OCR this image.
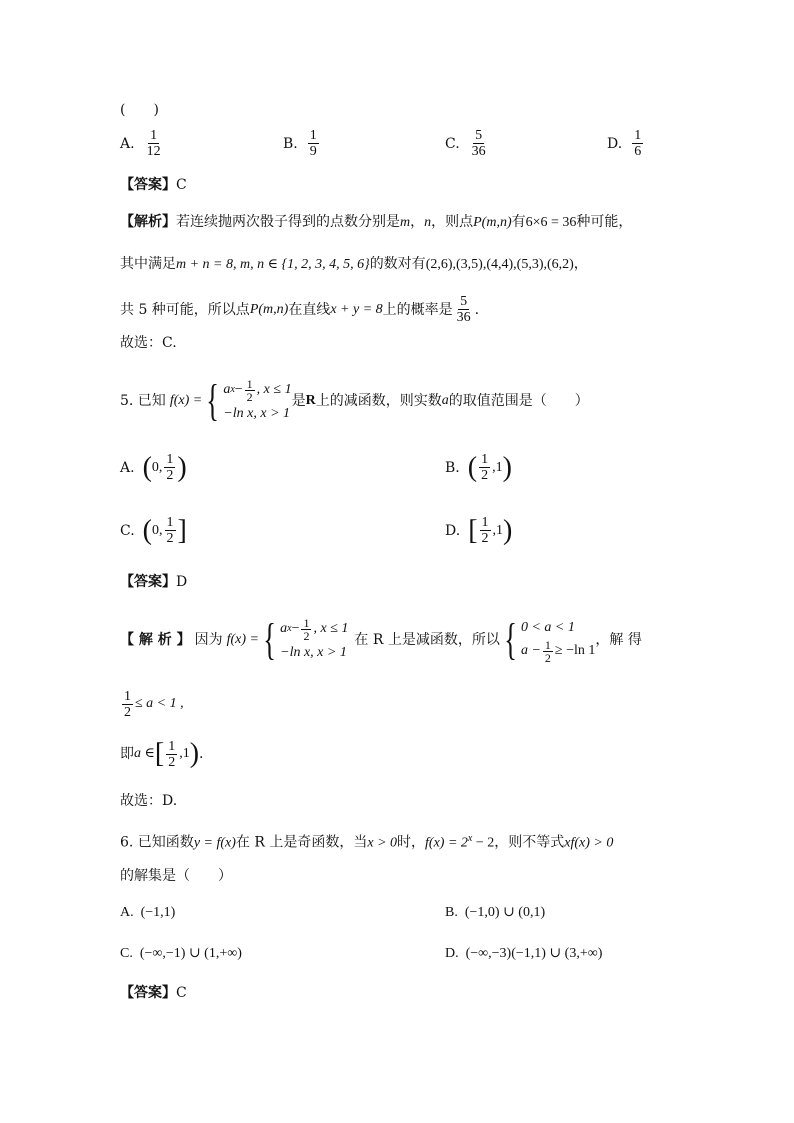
(　　)
A. $\frac{1}{12}$	B. $\frac{1}{9}$	C. $\frac{5}{36}$	D. $\frac{1}{6}$
【答案】C
【解析】若连续抛两次骰子得到的点数分别是m，n，则点P(m,n)有6×6 = 36种可能，
其中满足m + n = 8, m, n ∈ {1, 2, 3, 4, 5, 6}的数对有(2,6),(3,5),(4,4),(5,3),(6,2)，
共 5 种可能，所以点 P(m,n) 在直线 x + y = 8 上的概率是 $\frac{5}{36}$ .
故选：C.
5. 已知 f(x) = { a $x - \frac{1}{2}$ , x ≤ 1
−ln x, x > 1
是 R 上的减函数，则实数 a 的取值范围是（　　）
A. ( 0, $\frac{1}{2}$ )	B. ( $\frac{1}{2} ,1$ )
C. ( 0, $\frac{1}{2}$ ]	D. [ $\frac{1}{2} ,1$ )
【答案】D
【 解 析 】 因为 f(x) = { a $x - \frac{1}{2}$ , x ≤ 1
−ln x, x > 1
在 R 上是减函数，所以 { 0 < a < 1
$a - \frac{1}{2} \ge -\ln$ 1
，解 得
$\frac{1}{2} \le a < 1$ ,
即 a ∈ [ $\frac{1}{2} ,1$ ) .
故选：D.
6. 已知函数y = f(x)在 R 上是奇函数，当x > 0时，$f(x) = 2^x - 2$，则不等式xf(x) > 0
的解集是（　　）
A. (−1,1)	B. (−1,0) ∪ (0,1)
C. (−∞,−1) ∪ (1,+∞)	D. (−∞,−3)(−1,1) ∪ (3,+∞)
【答案】C
